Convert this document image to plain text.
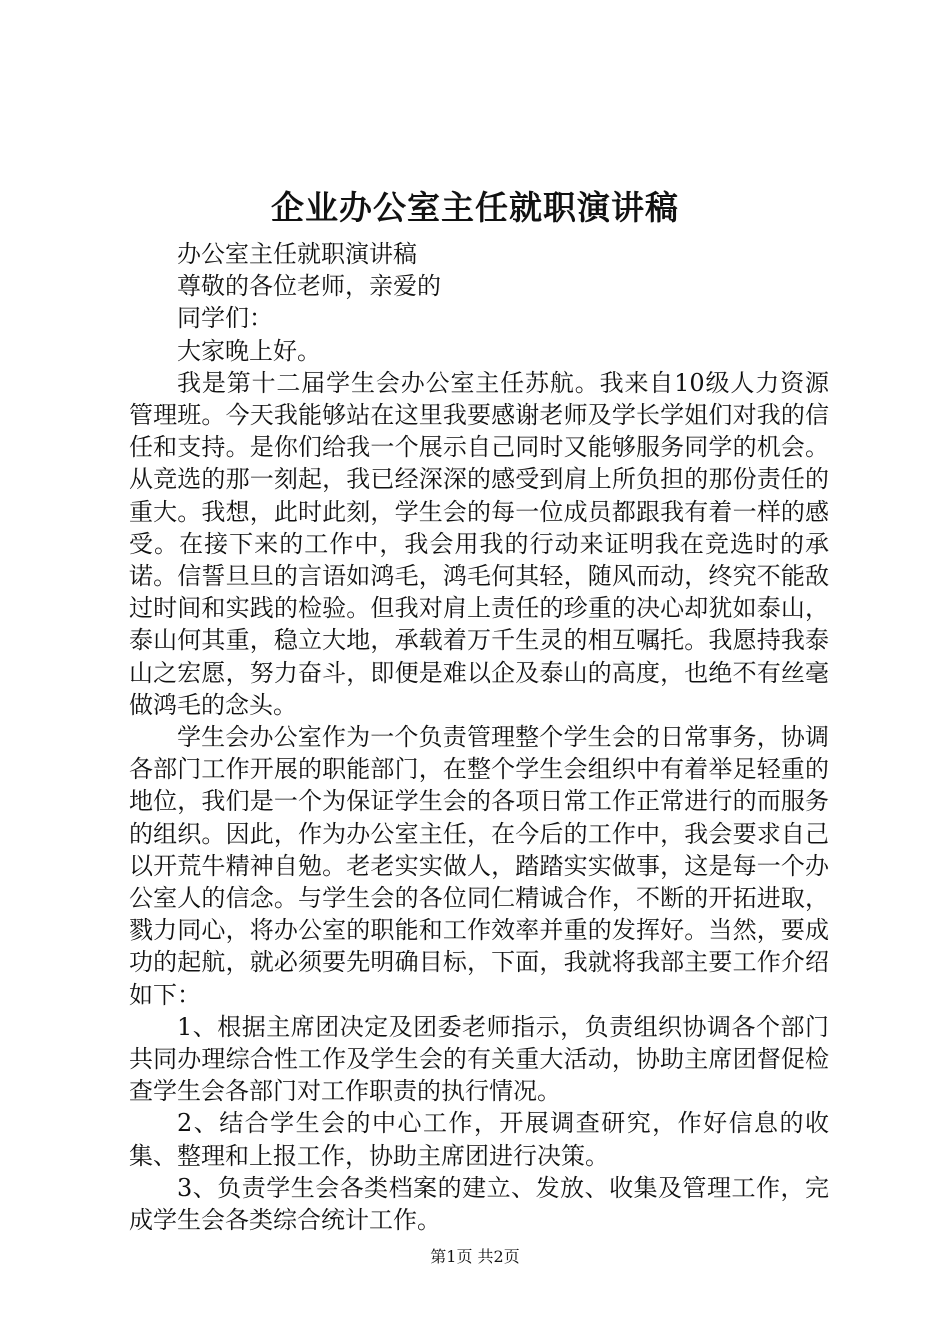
企业办公室主任就职演讲稿

办公室主任就职演讲稿

尊敬的各位老师，亲爱的

同学们：

大家晚上好。

我是第十二届学生会办公室主任苏航。我来自10级人力资源管理班。今天我能够站在这里我要感谢老师及学长学姐们对我的信任和支持。是你们给我一个展示自己同时又能够服务同学的机会。从竞选的那一刻起，我已经深深的感受到肩上所负担的那份责任的重大。我想，此时此刻，学生会的每一位成员都跟我有着一样的感受。在接下来的工作中，我会用我的行动来证明我在竞选时的承诺。信誓旦旦的言语如鸿毛，鸿毛何其轻，随风而动，终究不能敌过时间和实践的检验。但我对肩上责任的珍重的决心却犹如泰山，泰山何其重，稳立大地，承载着万千生灵的相互嘱托。我愿持我泰山之宏愿，努力奋斗，即便是难以企及泰山的高度，也绝不有丝毫做鸿毛的念头。

学生会办公室作为一个负责管理整个学生会的日常事务，协调各部门工作开展的职能部门，在整个学生会组织中有着举足轻重的地位，我们是一个为保证学生会的各项日常工作正常进行的而服务的组织。因此，作为办公室主任，在今后的工作中，我会要求自己以开荒牛精神自勉。老老实实做人，踏踏实实做事，这是每一个办公室人的信念。与学生会的各位同仁精诚合作，不断的开拓进取，戮力同心，将办公室的职能和工作效率并重的发挥好。当然，要成功的起航，就必须要先明确目标，下面，我就将我部主要工作介绍如下：

1、根据主席团决定及团委老师指示，负责组织协调各个部门共同办理综合性工作及学生会的有关重大活动，协助主席团督促检查学生会各部门对工作职责的执行情况。

2、结合学生会的中心工作，开展调查研究，作好信息的收集、整理和上报工作，协助主席团进行决策。

3、负责学生会各类档案的建立、发放、收集及管理工作，完成学生会各类综合统计工作。

第1页 共2页
